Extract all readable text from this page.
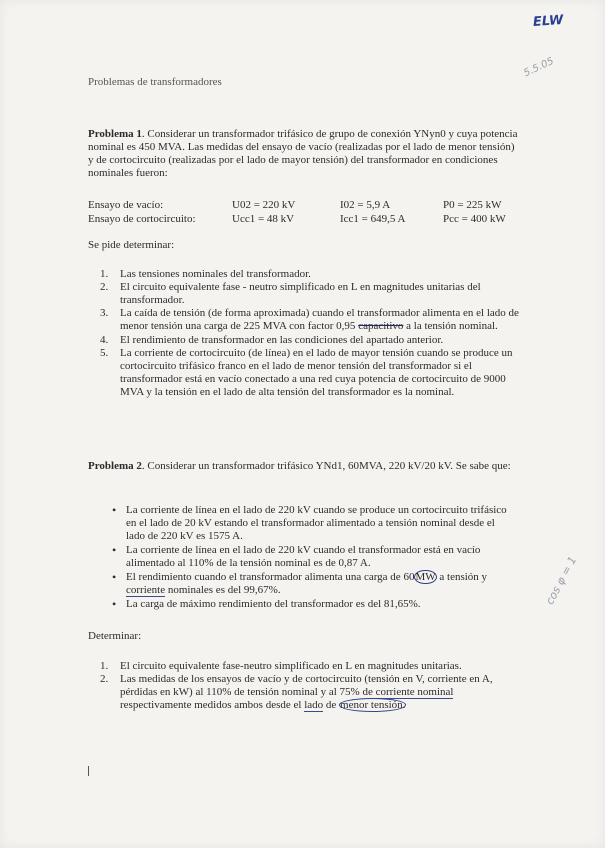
ELW
5.5.05
cos φ = 1
Problemas de transformadores
Problema 1. Considerar un transformador trifásico de grupo de conexión YNyn0 y cuya potencia nominal es 450 MVA. Las medidas del ensayo de vacío (realizadas por el lado de menor tensión) y de cortocircuito (realizadas por el lado de mayor tensión) del transformador en condiciones nominales fueron:
Ensayo de vacío:	U02 = 220 kV	I02 = 5,9 A	P0 = 225 kW
Ensayo de cortocircuito:	Ucc1 = 48 kV	Icc1 = 649,5 A	Pcc = 400 kW
Se pide determinar:
1. Las tensiones nominales del transformador.
2. El circuito equivalente fase - neutro simplificado en L en magnitudes unitarias del transformador.
3. La caída de tensión (de forma aproximada) cuando el transformador alimenta en el lado de menor tensión una carga de 225 MVA con factor 0,95 capacitivo a la tensión nominal.
4. El rendimiento de transformador en las condiciones del apartado anterior.
5. La corriente de cortocircuito (de línea) en el lado de mayor tensión cuando se produce un cortocircuito trifásico franco en el lado de menor tensión del transformador si el transformador está en vacío conectado a una red cuya potencia de cortocircuito de 9000 MVA y la tensión en el lado de alta tensión del transformador es la nominal.
Problema 2. Considerar un transformador trifásico YNd1, 60MVA, 220 kV/20 kV. Se sabe que:
• La corriente de línea en el lado de 220 kV cuando se produce un cortocircuito trifásico en el lado de 20 kV estando el transformador alimentado a tensión nominal desde el lado de 220 kV es 1575 A.
• La corriente de línea en el lado de 220 kV cuando el transformador está en vacío alimentado al 110% de la tensión nominal es de 0,87 A.
• El rendimiento cuando el transformador alimenta una carga de 60MW a tensión y corriente nominales es del 99,67%.
• La carga de máximo rendimiento del transformador es del 81,65%.
Determinar:
1. El circuito equivalente fase-neutro simplificado en L en magnitudes unitarias.
2. Las medidas de los ensayos de vacío y de cortocircuito (tensión en V, corriente en A, pérdidas en kW) al 110% de tensión nominal y al 75% de corriente nominal respectivamente medidos ambos desde el lado de menor tensión.
